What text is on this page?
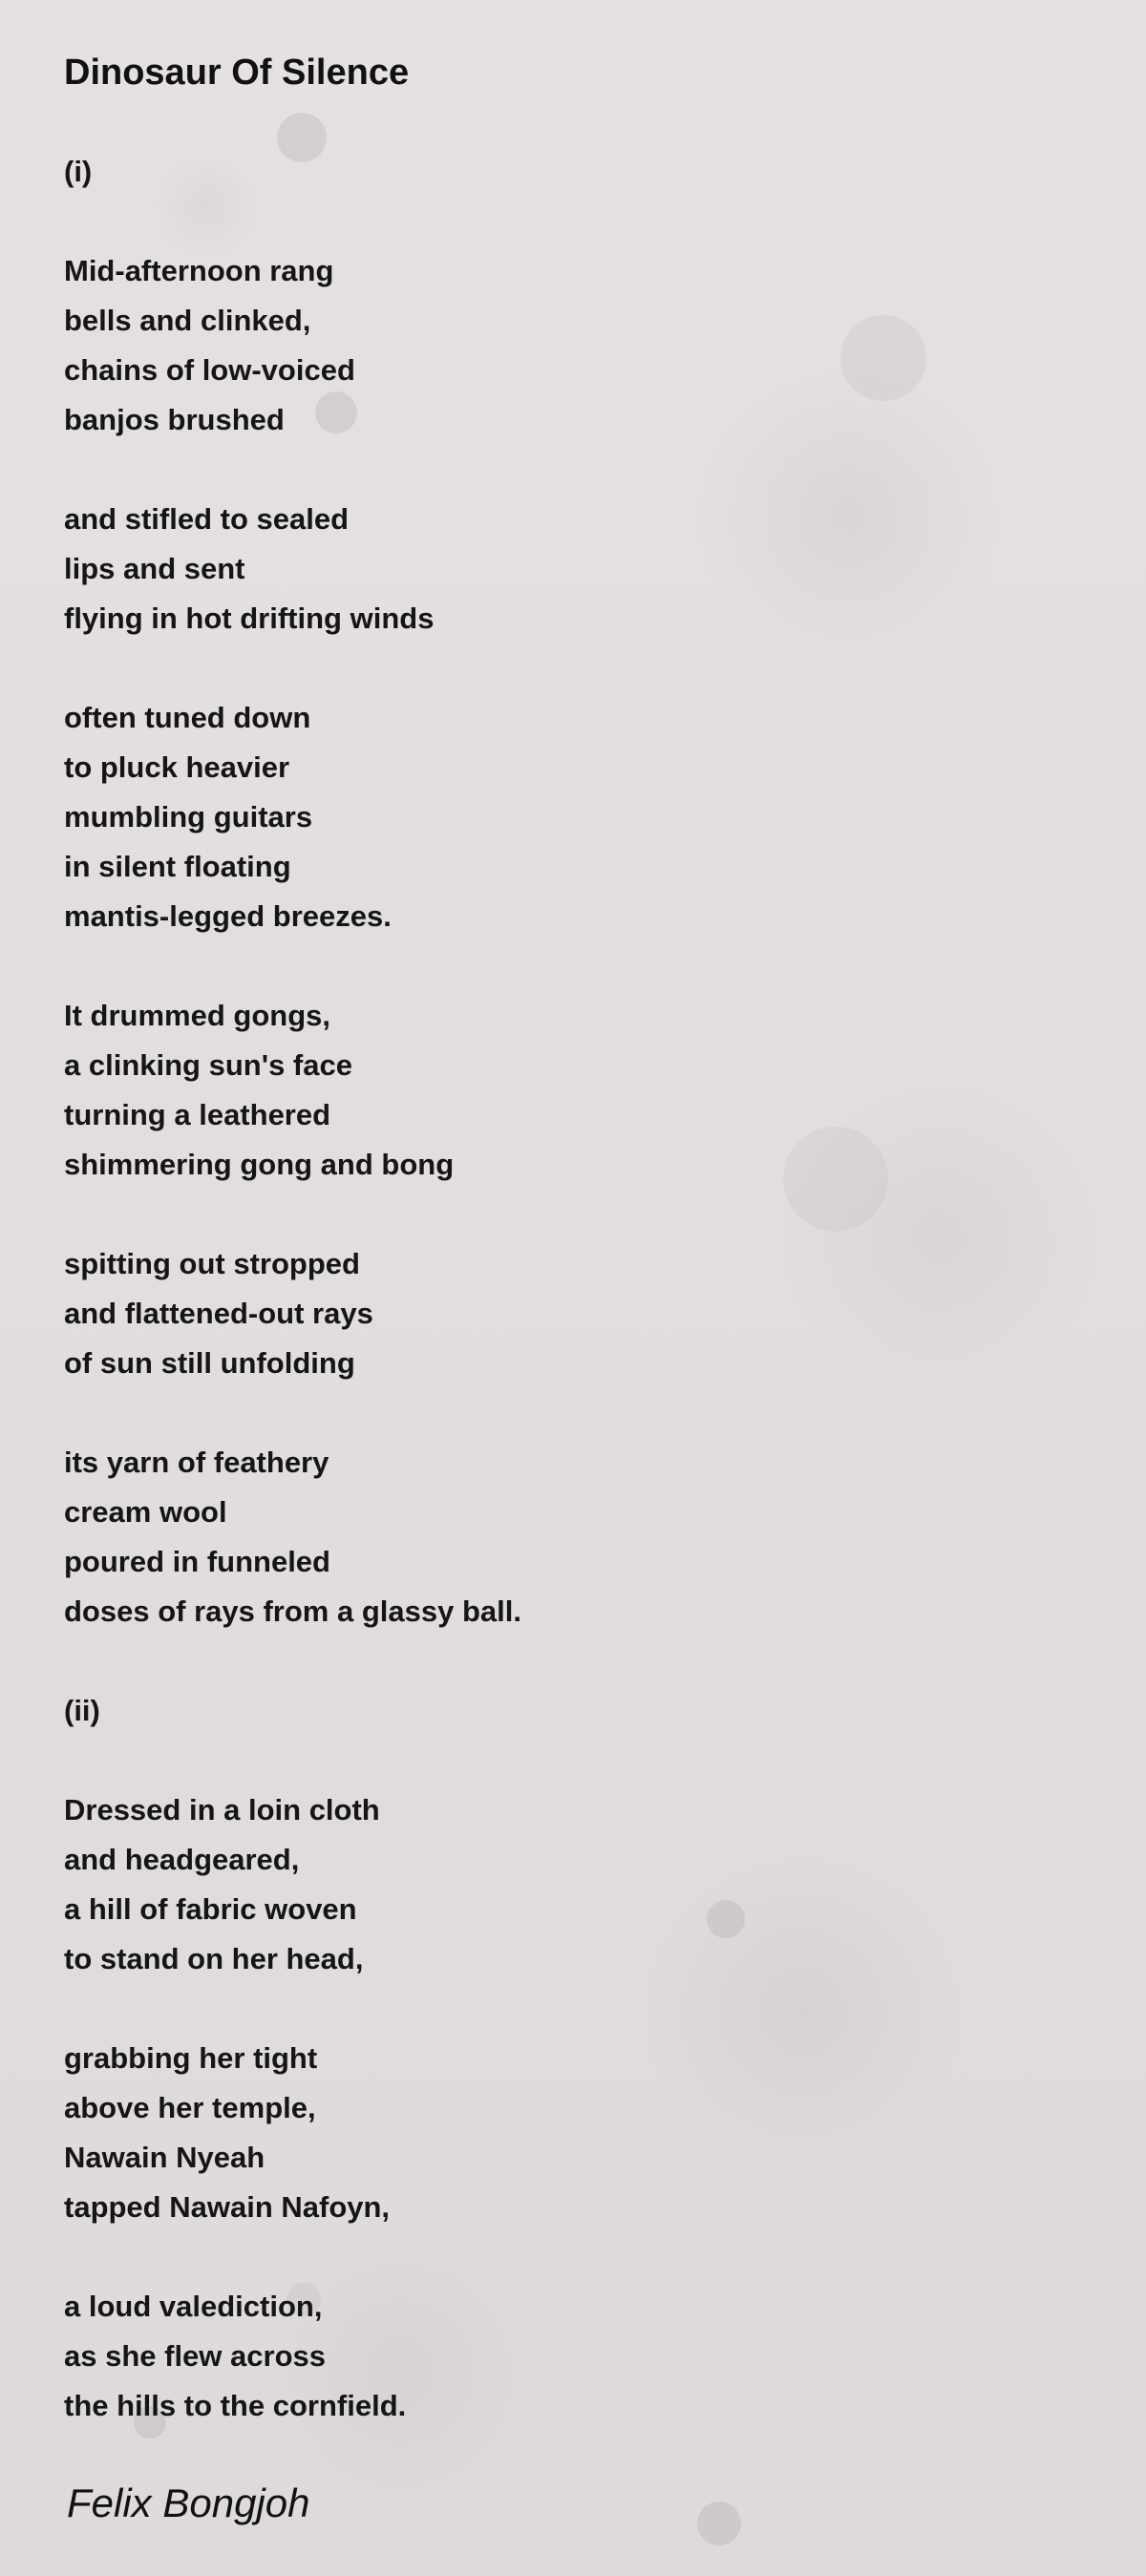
Dinosaur Of Silence
(i)
Mid-afternoon rang
bells and clinked,
chains of low-voiced
banjos brushed
and stifled to sealed
lips and sent
flying in hot drifting winds
often tuned down
to pluck heavier
mumbling guitars
in silent floating
mantis-legged breezes.
It drummed gongs,
a clinking sun's face
turning a leathered
shimmering gong and bong
spitting out stropped
and flattened-out rays
of sun still unfolding
its yarn of feathery
cream wool
poured in funneled
doses of rays from a glassy ball.
(ii)
Dressed in a loin cloth
and headgeared,
a hill of fabric woven
to stand on her head,
grabbing her tight
above her temple,
Nawain Nyeah
tapped Nawain Nafoyn,
a loud valediction,
as she flew across
the hills to the cornfield.
Felix Bongjoh
